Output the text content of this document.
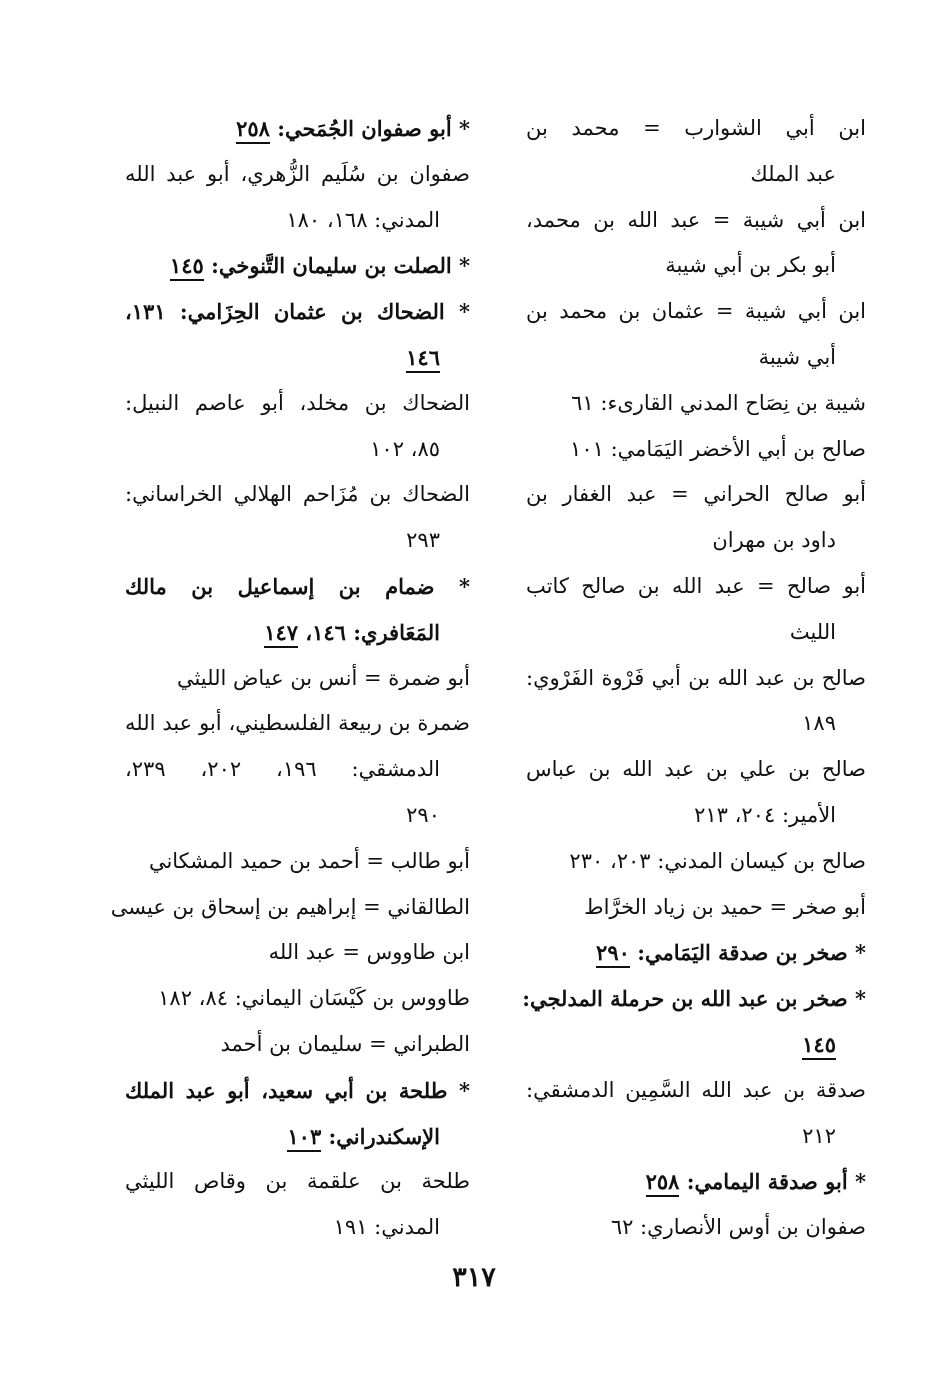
ابن أبي الشوارب = محمد بن
عبد الملك
ابن أبي شيبة = عبد الله بن محمد،
أبو بكر بن أبي شيبة
ابن أبي شيبة = عثمان بن محمد بن
أبي شيبة
شيبة بن نِصَاح المدني القارىء: ٦١
صالح بن أبي الأخضر اليَمَامي: ١٠١
أبو صالح الحراني = عبد الغفار بن
داود بن مهران
أبو صالح = عبد الله بن صالح كاتب
الليث
صالح بن عبد الله بن أبي فَرْوة الفَرْوي:
١٨٩
صالح بن علي بن عبد الله بن عباس
الأمير: ٢٠٤، ٢١٣
صالح بن كيسان المدني: ٢٠٣، ٢٣٠
أبو صخر = حميد بن زياد الخرَّاط
* صخر بن صدقة اليَمَامي: ٢٩٠
* صخر بن عبد الله بن حرملة المدلجي:
١٤٥
صدقة بن عبد الله السَّمِين الدمشقي:
٢١٢
* أبو صدقة اليمامي: ٢٥٨
صفوان بن أوس الأنصاري: ٦٢
* أبو صفوان الجُمَحي: ٢٥٨
صفوان بن سُلَيم الزُّهري، أبو عبد الله
المدني: ١٦٨، ١٨٠
* الصلت بن سليمان التَّنوخي: ١٤٥
* الضحاك بن عثمان الحِزَامي: ١٣١،
١٤٦
الضحاك بن مخلد، أبو عاصم النبيل:
٨٥، ١٠٢
الضحاك بن مُزَاحم الهلالي الخراساني:
٢٩٣
* ضمام بن إسماعيل بن مالك
المَعَافري: ١٤٦، ١٤٧
أبو ضمرة = أنس بن عياض الليثي
ضمرة بن ربيعة الفلسطيني، أبو عبد الله
الدمشقي: ١٩٦، ٢٠٢، ٢٣٩،
٢٩٠
أبو طالب = أحمد بن حميد المشكاني
الطالقاني = إبراهيم بن إسحاق بن عيسى
ابن طاووس = عبد الله
طاووس بن كَيْسَان اليماني: ٨٤، ١٨٢
الطبراني = سليمان بن أحمد
* طلحة بن أبي سعيد، أبو عبد الملك
الإسكندراني: ١٠٣
طلحة بن علقمة بن وقاص الليثي
المدني: ١٩١
٣١٧
